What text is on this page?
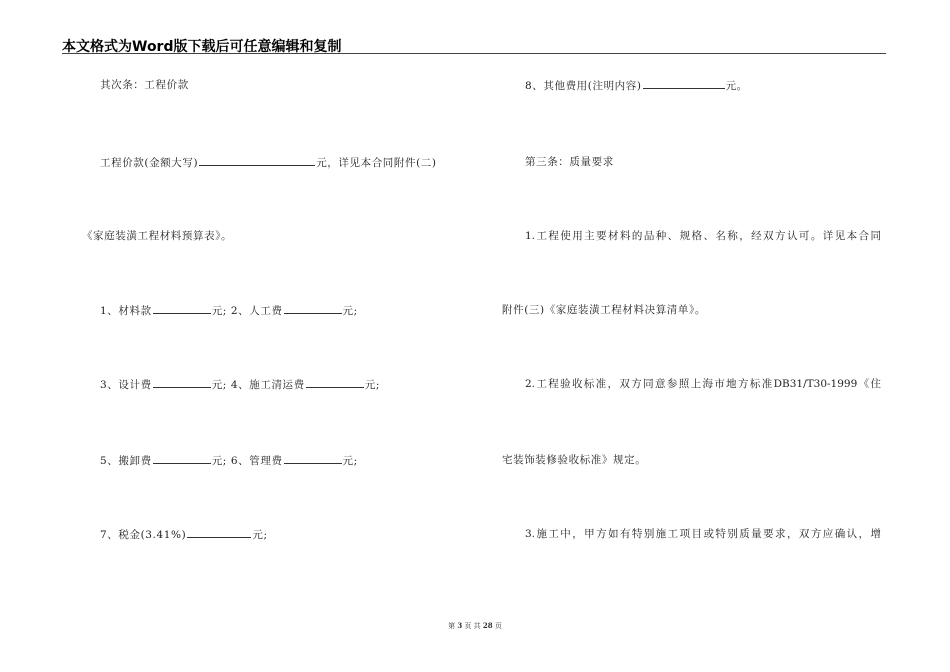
本文格式为Word版下载后可任意编辑和复制
其次条：工程价款
工程价款(金额大写)	元，详见本合同附件(二)
《家庭装潢工程材料预算表》。
1、材料款	元; 2、人工费	元;
3、设计费	元; 4、施工清运费	元;
5、搬卸费	元; 6、管理费	元;
7、税金(3.41%)	元;
8、其他费用(注明内容)	元。
第三条：质量要求
1.工程使用主要材料的品种、规格、名称，经双方认可。详见本合同
附件(三)《家庭装潢工程材料决算清单》。
2.工程验收标准，双方同意参照上海市地方标准DB31/T30-1999《住
宅装饰装修验收标准》规定。
3.施工中，甲方如有特别施工项目或特别质量要求，双方应确认，增
第 3 页 共 28 页
